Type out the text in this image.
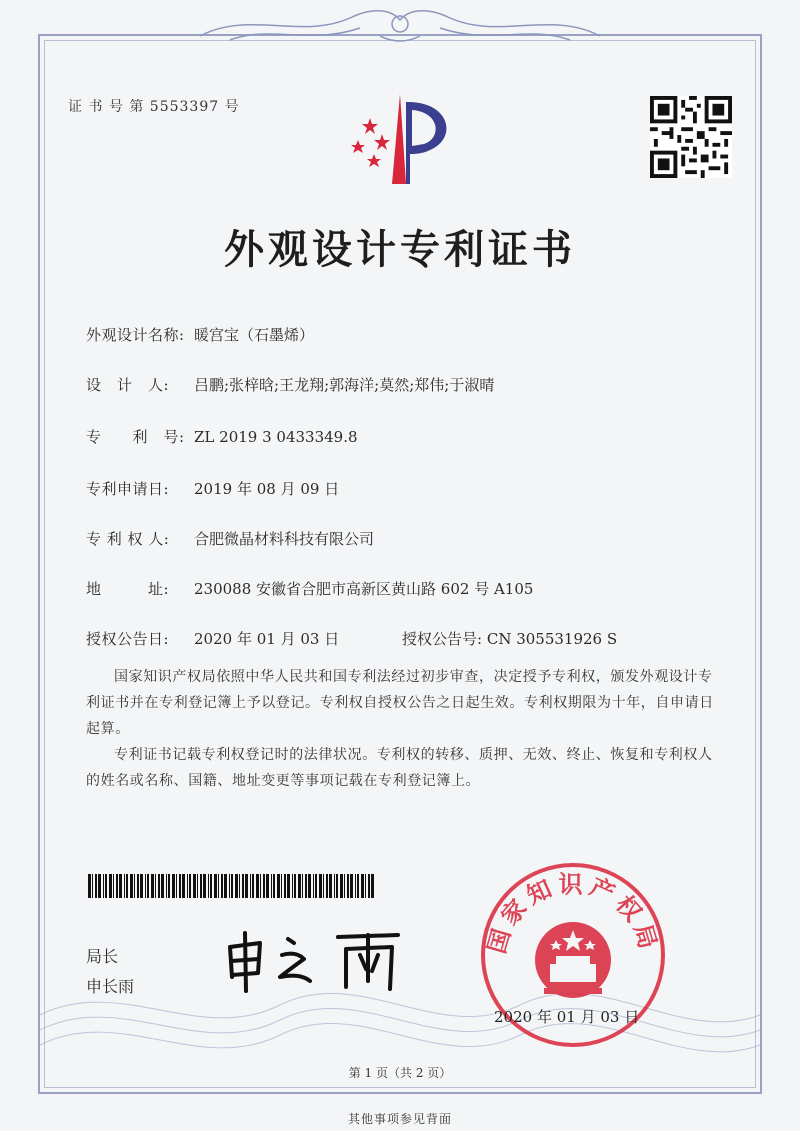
证 书 号 第 5553397 号
外观设计专利证书
外观设计名称: 暖宫宝（石墨烯）
设　计　人: 吕鹏;张梓晗;王龙翔;郭海洋;莫然;郑伟;于淑晴
专　　利　号: ZL 2019 3 0433349.8
专利申请日: 2019 年 08 月 09 日
专 利 权 人: 合肥微晶材料科技有限公司
地　　　址: 230088 安徽省合肥市高新区黄山路 602 号 A105
授权公告日: 2020 年 01 月 03 日	授权公告号: CN 305531926 S
国家知识产权局依照中华人民共和国专利法经过初步审查，决定授予专利权，颁发外观设计专利证书并在专利登记簿上予以登记。专利权自授权公告之日起生效。专利权期限为十年，自申请日起算。
专利证书记载专利权登记时的法律状况。专利权的转移、质押、无效、终止、恢复和专利权人的姓名或名称、国籍、地址变更等事项记载在专利登记簿上。
局长
申长雨
国家知识产权局
2020 年 01 月 03 日
第 1 页（共 2 页）
其他事项参见背面
